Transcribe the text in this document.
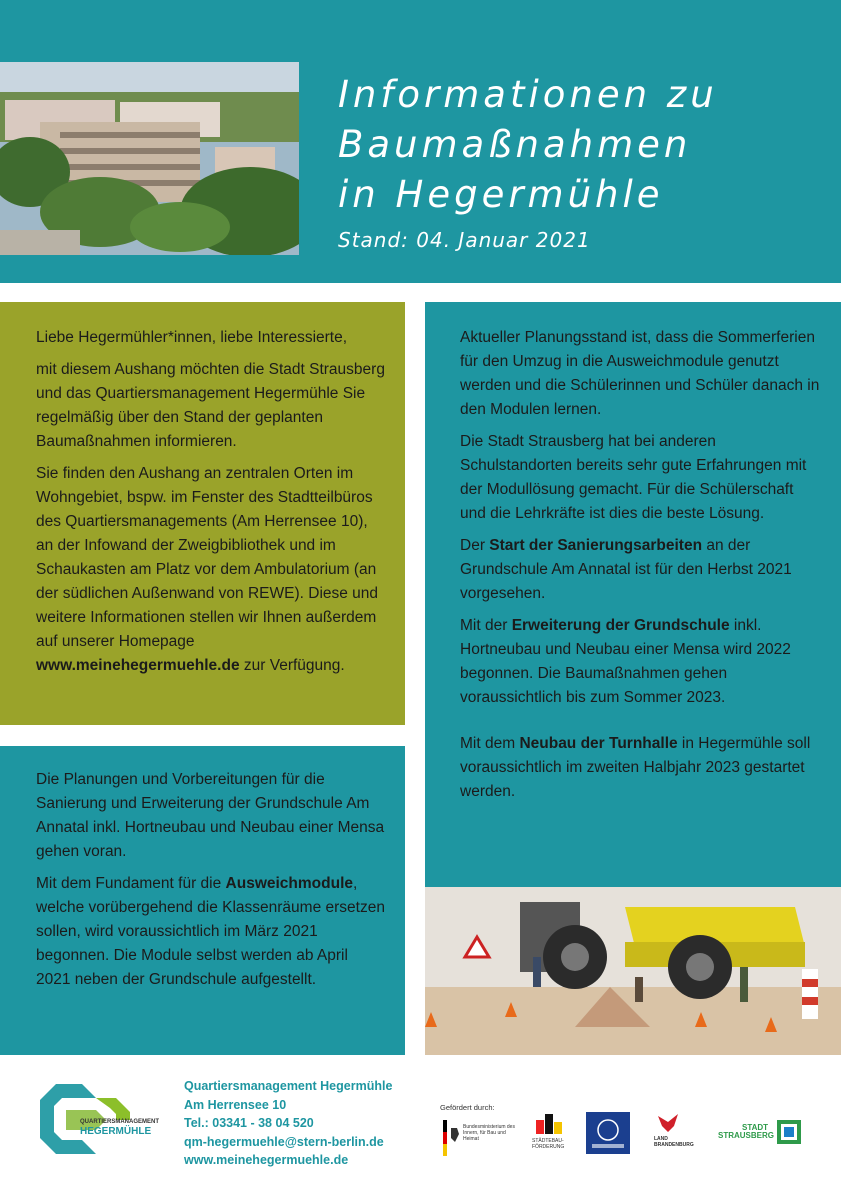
Informationen zu
Baumaßnahmen
in Hegermühle
Stand: 04. Januar 2021

Liebe Hegermühler*innen, liebe Interessierte,

mit diesem Aushang möchten die Stadt Strausberg und das Quartiersmanagement Hegermühle Sie regelmäßig über den Stand der geplanten Baumaßnahmen informieren.

Sie finden den Aushang an zentralen Orten im Wohngebiet, bspw. im Fenster des Stadtteilbüros des Quartiersmanagements (Am Herrensee 10), an der Infowand der Zweigbibliothek und im Schaukasten am Platz vor dem Ambulatorium (an der südlichen Außenwand von REWE). Diese und weitere Informationen stellen wir Ihnen außerdem auf unserer Homepage www.meinehegermuehle.de zur Verfügung.

Die Planungen und Vorbereitungen für die Sanierung und Erweiterung der Grundschule Am Annatal inkl. Hortneubau und Neubau einer Mensa gehen voran.

Mit dem Fundament für die Ausweichmodule, welche vorübergehend die Klassenräume ersetzen sollen, wird voraussichtlich im März 2021 begonnen. Die Module selbst werden ab April 2021 neben der Grundschule aufgestellt.

Aktueller Planungsstand ist, dass die Sommerferien für den Umzug in die Ausweichmodule genutzt werden und die Schülerinnen und Schüler danach in den Modulen lernen.

Die Stadt Strausberg hat bei anderen Schulstandorten bereits sehr gute Erfahrungen mit der Modullösung gemacht. Für die Schülerschaft und die Lehrkräfte ist dies die beste Lösung.

Der Start der Sanierungsarbeiten an der Grundschule Am Annatal ist für den Herbst 2021 vorgesehen.

Mit der Erweiterung der Grundschule inkl. Hortneubau und Neubau einer Mensa wird 2022 begonnen. Die Baumaßnahmen gehen voraussichtlich bis zum Sommer 2023.

Mit dem Neubau der Turnhalle in Hegermühle soll voraussichtlich im zweiten Halbjahr 2023 gestartet werden.

QUARTIERSMANAGEMENT
HEGERMÜHLE
Quartiersmanagement Hegermühle
Am Herrensee 10
Tel.: 03341 - 38 04 520
qm-hegermuehle@stern-berlin.de
www.meinehegermuehle.de
Gefördert durch:
Bundesministerium des Innern, für Bau und Heimat	STÄDTEBAU-FÖRDERUNG
LAND BRANDENBURG
STADT
STRAUSBERG
